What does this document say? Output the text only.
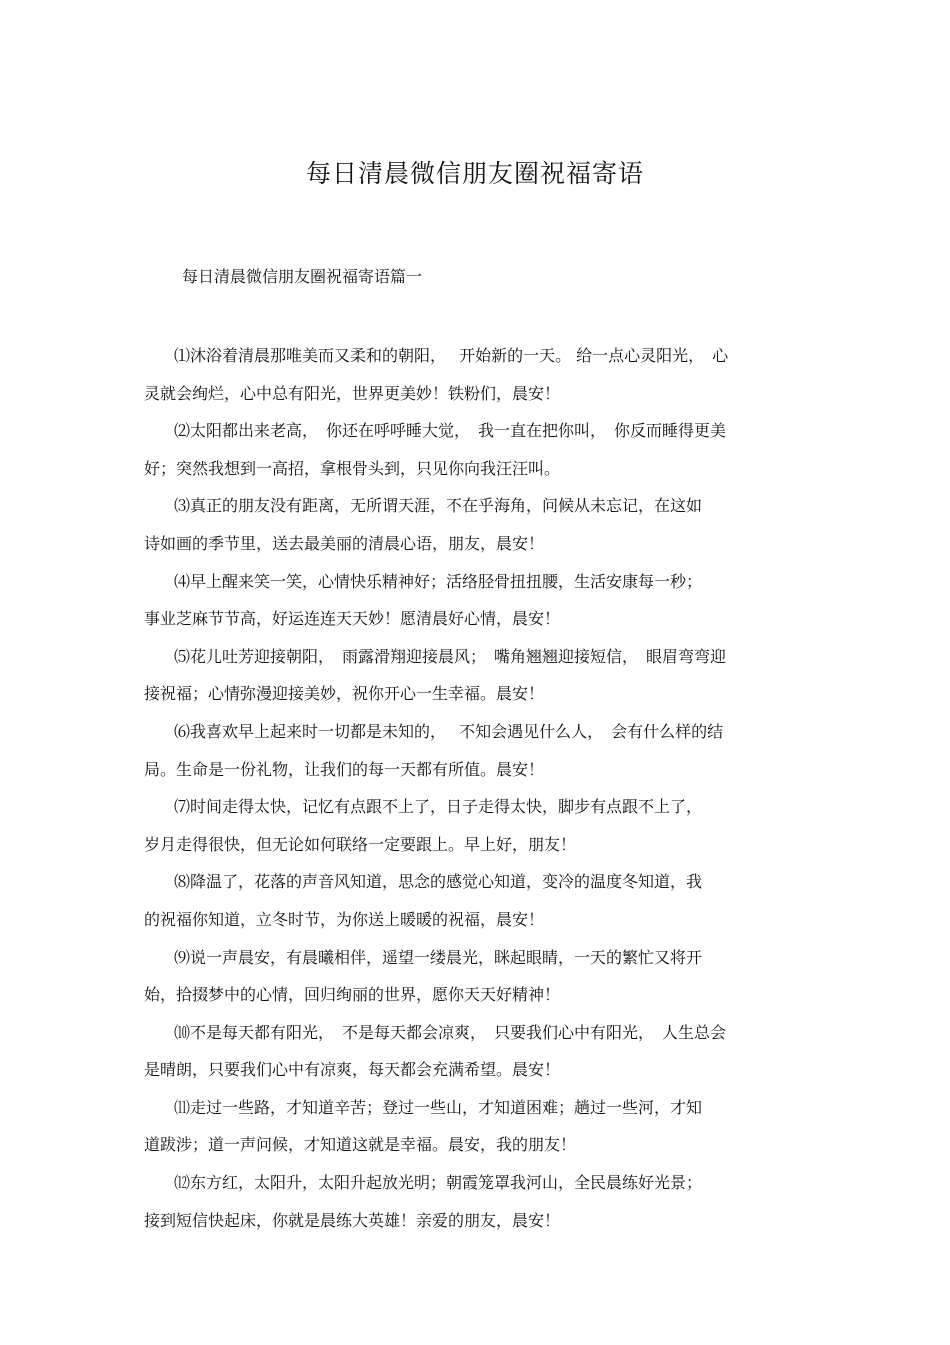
每日清晨微信朋友圈祝福寄语
每日清晨微信朋友圈祝福寄语篇一

⑴沐浴着清晨那唯美而又柔和的朝阳，　 开始新的一天。 给一点心灵阳光，　心
灵就会绚烂，心中总有阳光，世界更美妙！铁粉们，晨安！

⑵太阳都出来老高，　你还在呼呼睡大觉，　我一直在把你叫，　你反而睡得更美
好；突然我想到一高招，拿根骨头到，只见你向我汪汪叫。

⑶真正的朋友没有距离，无所谓天涯，不在乎海角，问候从未忘记，在这如
诗如画的季节里，送去最美丽的清晨心语，朋友，晨安！

⑷早上醒来笑一笑，心情快乐精神好；活络胫骨扭扭腰，生活安康每一秒；
事业芝麻节节高，好运连连天天妙！愿清晨好心情，晨安！

⑸花儿吐芳迎接朝阳，　雨露滑翔迎接晨风；　嘴角翘翘迎接短信，　眼眉弯弯迎
接祝福；心情弥漫迎接美妙，祝你开心一生幸福。晨安！

⑹我喜欢早上起来时一切都是未知的，　 不知会遇见什么人，　会有什么样的结
局。生命是一份礼物，让我们的每一天都有所值。晨安！

⑺时间走得太快，记忆有点跟不上了，日子走得太快，脚步有点跟不上了，
岁月走得很快，但无论如何联络一定要跟上。早上好，朋友！

⑻降温了，花落的声音风知道，思念的感觉心知道，变冷的温度冬知道，我
的祝福你知道，立冬时节，为你送上暖暖的祝福，晨安！

⑼说一声晨安，有晨曦相伴，遥望一缕晨光，眯起眼睛，一天的繁忙又将开
始，拾掇梦中的心情，回归绚丽的世界，愿你天天好精神！

⑽不是每天都有阳光，　不是每天都会凉爽，　只要我们心中有阳光，　人生总会
是晴朗，只要我们心中有凉爽，每天都会充满希望。晨安！

⑾走过一些路，才知道辛苦；登过一些山，才知道困难；趟过一些河，才知
道跋涉；道一声问候，才知道这就是幸福。晨安，我的朋友！

⑿东方红，太阳升，太阳升起放光明；朝霞笼罩我河山，全民晨练好光景；
接到短信快起床，你就是晨练大英雄！亲爱的朋友，晨安！
